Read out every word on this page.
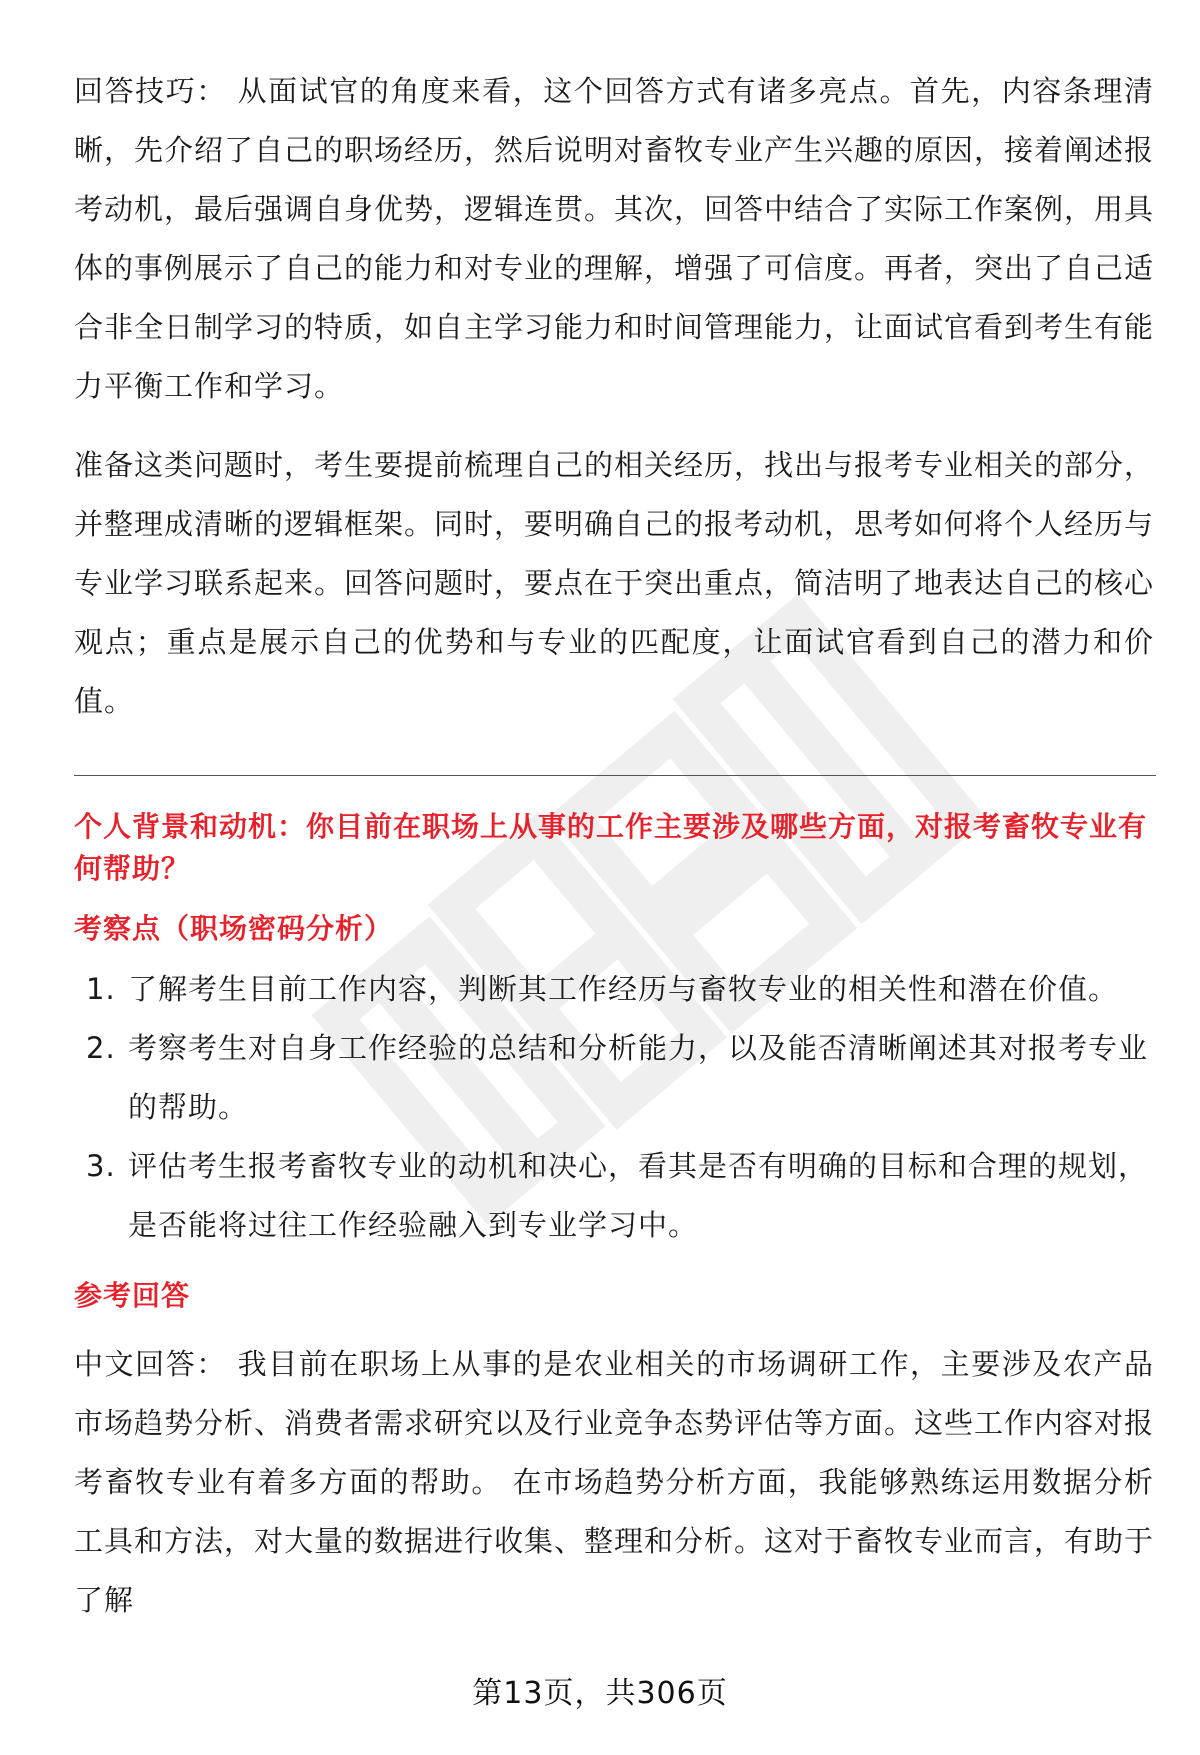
回答技巧： 从面试官的角度来看，这个回答方式有诸多亮点。首先，内容条理清晰，先介绍了自己的职场经历，然后说明对畜牧专业产生兴趣的原因，接着阐述报考动机，最后强调自身优势，逻辑连贯。其次，回答中结合了实际工作案例，用具体的事例展示了自己的能力和对专业的理解，增强了可信度。再者，突出了自己适合非全日制学习的特质，如自主学习能力和时间管理能力，让面试官看到考生有能力平衡工作和学习。

准备这类问题时，考生要提前梳理自己的相关经历，找出与报考专业相关的部分，并整理成清晰的逻辑框架。同时，要明确自己的报考动机，思考如何将个人经历与专业学习联系起来。回答问题时，要点在于突出重点，简洁明了地表达自己的核心观点；重点是展示自己的优势和与专业的匹配度，让面试官看到自己的潜力和价值。

个人背景和动机：你目前在职场上从事的工作主要涉及哪些方面，对报考畜牧专业有何帮助？
考察点（职场密码分析）
1. 了解考生目前工作内容，判断其工作经历与畜牧专业的相关性和潜在价值。
2. 考察考生对自身工作经验的总结和分析能力，以及能否清晰阐述其对报考专业的帮助。
3. 评估考生报考畜牧专业的动机和决心，看其是否有明确的目标和合理的规划，是否能将过往工作经验融入到专业学习中。
参考回答

中文回答： 我目前在职场上从事的是农业相关的市场调研工作，主要涉及农产品市场趋势分析、消费者需求研究以及行业竞争态势评估等方面。这些工作内容对报考畜牧专业有着多方面的帮助。 在市场趋势分析方面，我能够熟练运用数据分析工具和方法，对大量的数据进行收集、整理和分析。这对于畜牧专业而言，有助于了解

第13页，共306页
